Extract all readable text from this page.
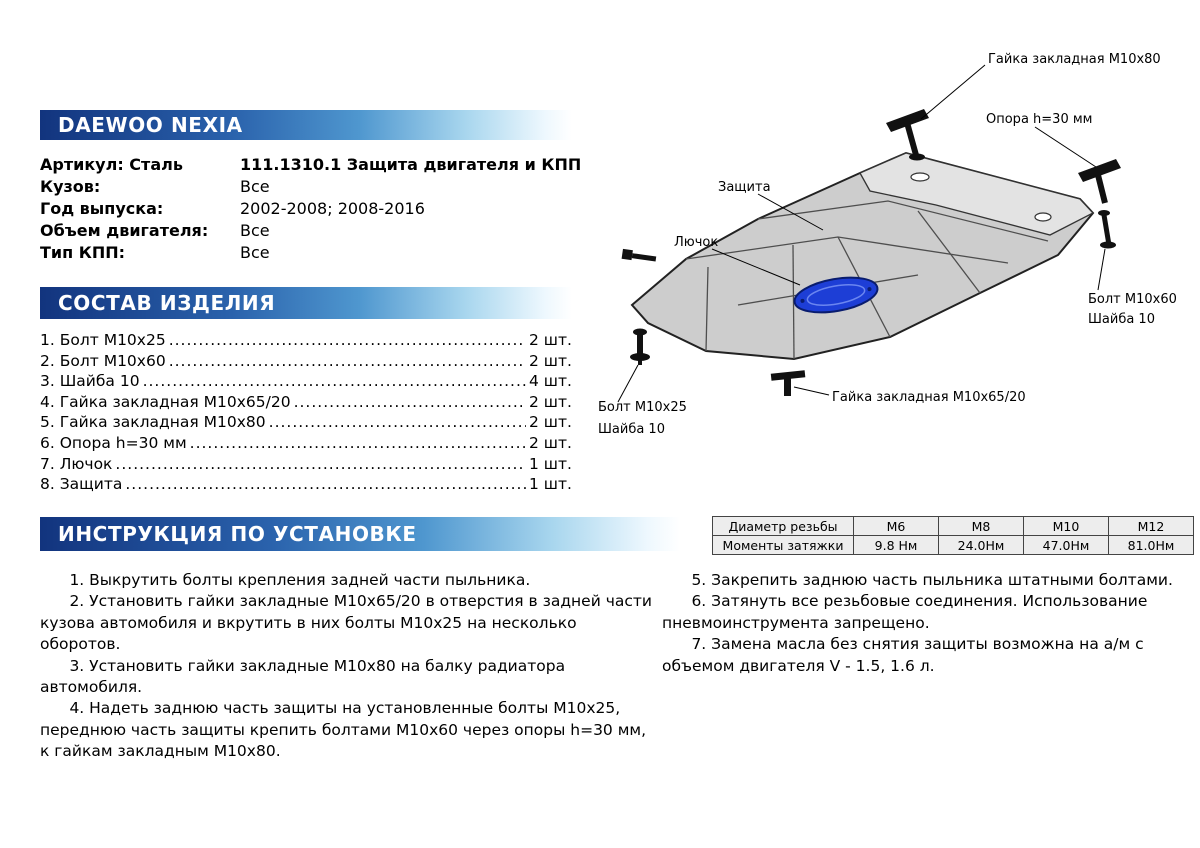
DAEWOO NEXIA
Артикул: Сталь	111.1310.1 Защита двигателя и КПП
Кузов:	Все
Год выпуска:	2002-2008; 2008-2016
Объем двигателя:	Все
Тип КПП:	Все
СОСТАВ ИЗДЕЛИЯ
1. Болт М10х25 .....	2 шт.
2. Болт М10х60 .....	2 шт.
3. Шайба 10 .....	4 шт.
4. Гайка закладная М10х65/20 .....	2 шт.
5. Гайка закладная М10х80 .....	2 шт.
6. Опора h=30 мм .....	2 шт.
7. Лючок .....	1 шт.
8. Защита .....	1 шт.
ИНСТРУКЦИЯ ПО УСТАНОВКЕ

1. Выкрутить болты крепления задней части пыльника.

2. Установить гайки закладные М10х65/20 в отверстия в задней части кузова автомобиля и вкрутить в них болты М10х25 на несколько оборотов.

3. Установить гайки закладные М10х80 на балку радиатора автомобиля.

4. Надеть заднюю часть защиты на установленные болты М10х25, переднюю часть защиты крепить болтами М10х60 через опоры h=30 мм, к гайкам закладным М10х80.

5. Закрепить заднюю часть пыльника штатными болтами.

6. Затянуть все резьбовые соединения. Использование пневмоинструмента запрещено.

7. Замена масла без снятия защиты возможна на а/м с объемом двигателя V - 1.5, 1.6 л.

Диаметр резьбы	М6	М8	М10	М12
Моменты затяжки	9.8 Нм	24.0Нм	47.0Нм	81.0Нм
Гайка закладная М10х80
Опора h=30 мм
Защита
Лючок
Болт М10х60
Шайба 10
Гайка закладная М10х65/20
Болт М10х25
Шайба 10
